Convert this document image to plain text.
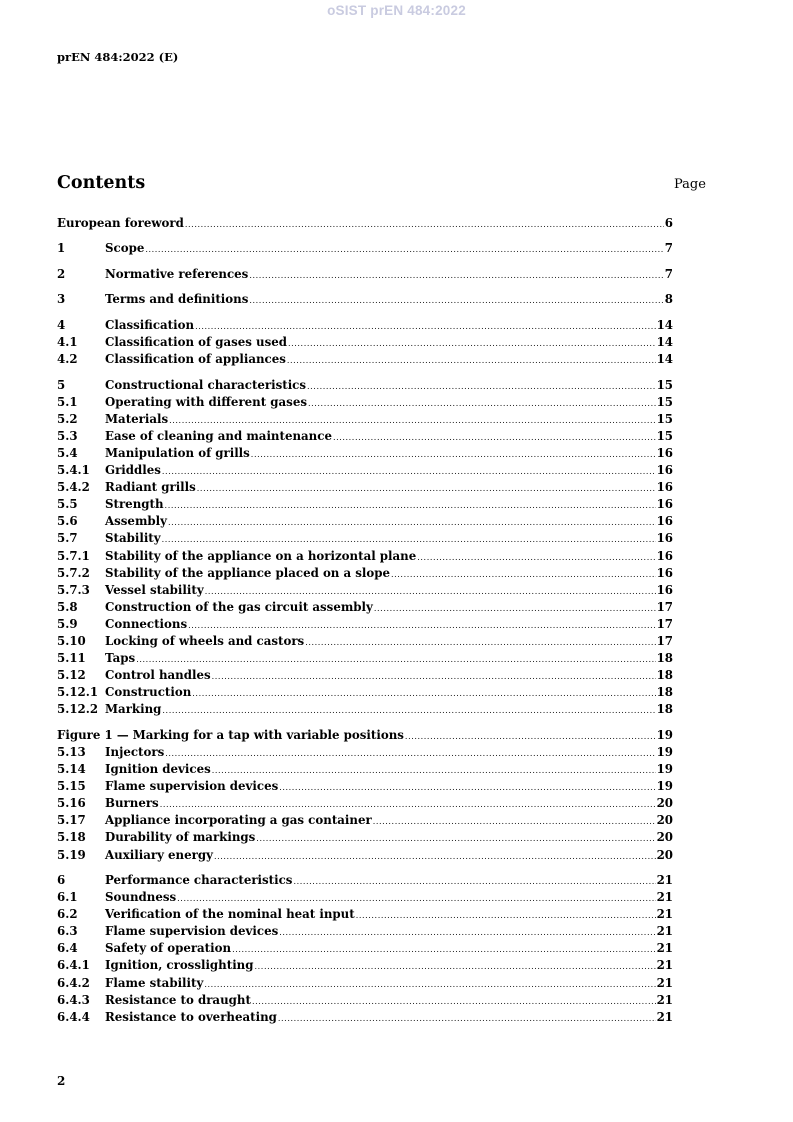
oSIST prEN 484:2022
prEN 484:2022 (E)
Contents	Page
European foreword .....	6
1	Scope .....	7
2	Normative references .....	7
3	Terms and definitions .....	8
4	Classification .....	14
4.1	Classification of gases used .....	14
4.2	Classification of appliances .....	14
5	Constructional characteristics .....	15
5.1	Operating with different gases .....	15
5.2	Materials .....	15
5.3	Ease of cleaning and maintenance .....	15
5.4	Manipulation of grills .....	16
5.4.1	Griddles .....	16
5.4.2	Radiant grills .....	16
5.5	Strength .....	16
5.6	Assembly .....	16
5.7	Stability .....	16
5.7.1	Stability of the appliance on a horizontal plane .....	16
5.7.2	Stability of the appliance placed on a slope .....	16
5.7.3	Vessel stability .....	16
5.8	Construction of the gas circuit assembly .....	17
5.9	Connections .....	17
5.10	Locking of wheels and castors .....	17
5.11	Taps .....	18
5.12	Control handles .....	18
5.12.1 Construction .....	18
5.12.2 Marking .....	18
Figure 1 — Marking for a tap with variable positions .....	19
5.13	Injectors .....	19
5.14	Ignition devices .....	19
5.15	Flame supervision devices .....	19
5.16	Burners .....	20
5.17	Appliance incorporating a gas container .....	20
5.18	Durability of markings .....	20
5.19	Auxiliary energy .....	20
6	Performance characteristics .....	21
6.1	Soundness .....	21
6.2	Verification of the nominal heat input .....	21
6.3	Flame supervision devices .....	21
6.4	Safety of operation .....	21
6.4.1	Ignition, crosslighting .....	21
6.4.2	Flame stability .....	21
6.4.3	Resistance to draught .....	21
6.4.4	Resistance to overheating .....	21
2
